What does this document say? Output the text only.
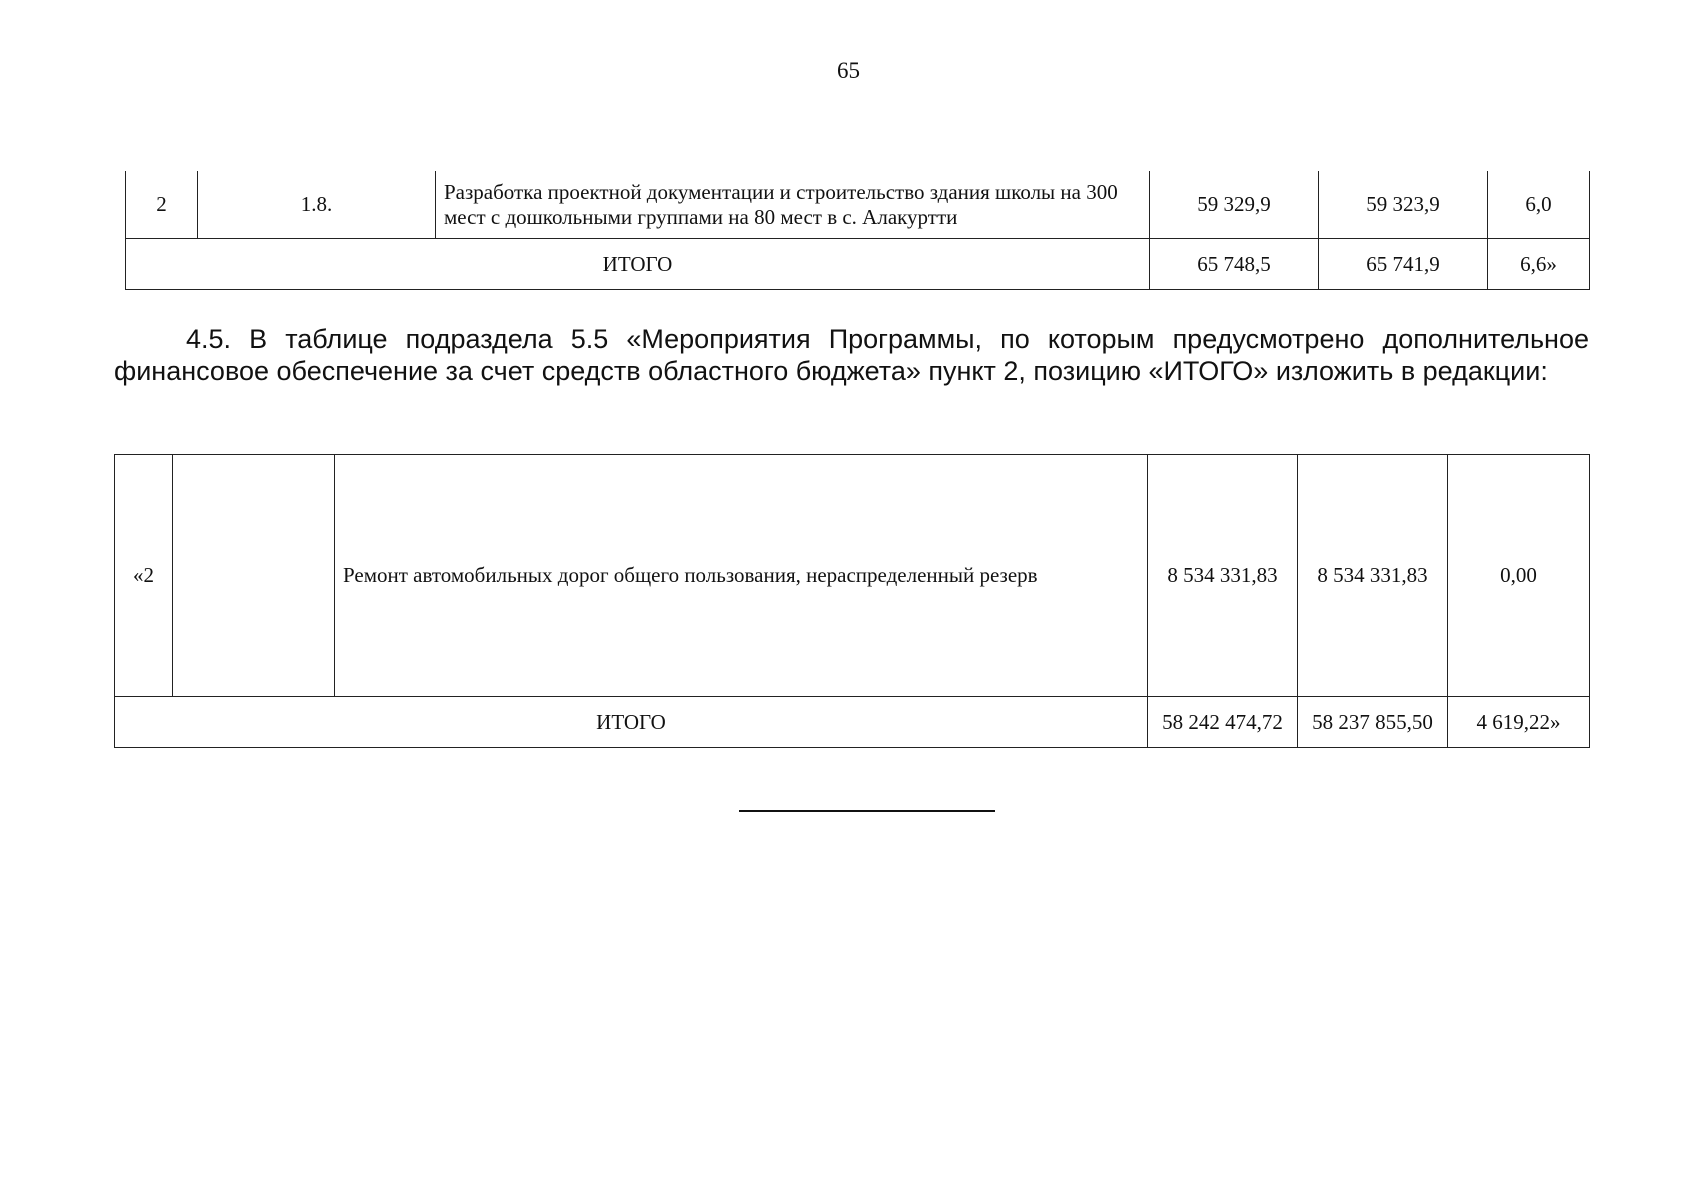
65
2	1.8.	Разработка проектной документации и строительство здания школы на 300 мест с дошкольными группами на 80 мест в с. Алакуртти	59 329,9	59 323,9	6,0
ИТОГО			65 748,5	65 741,9	6,6»

4.5. В таблице подраздела 5.5 «Мероприятия Программы, по которым предусмотрено дополнительное финансовое обеспечение за счет средств областного бюджета» пункт 2, позицию «ИТОГО» изложить в редакции:

«2		Ремонт автомобильных дорог общего пользования, нераспределенный резерв	8 534 331,83	8 534 331,83	0,00
ИТОГО			58 242 474,72	58 237 855,50	4 619,22»
